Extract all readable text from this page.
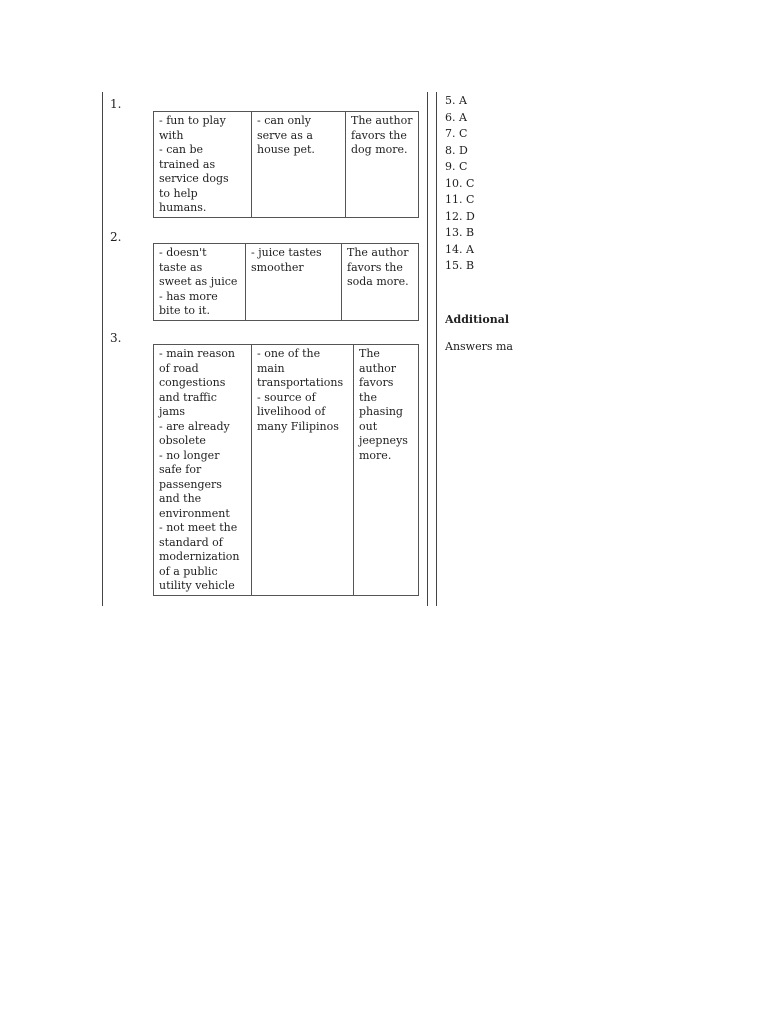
1.
- fun to play
with
- can be
trained as
service dogs
to help
humans.

- can only
serve as a
house pet.

The author
favors the
dog more.
2.
- doesn't
taste as
sweet as juice
- has more
bite to it.

- juice tastes
smoother

The author
favors the
soda more.
3.
- main reason
of road
congestions
and traffic
jams
- are already
obsolete
- no longer
safe for
passengers
and the
environment
- not meet the
standard of
modernization
of a public
utility vehicle

- one of the
main
transportations
- source of
livelihood of
many Filipinos

The
author
favors
the
phasing
out
jeepneys
more.
5. A
6. A
7. C
8. D
9. C
10. C
11. C
12. D
13. B
14. A
15. B
Additional
Answers ma
